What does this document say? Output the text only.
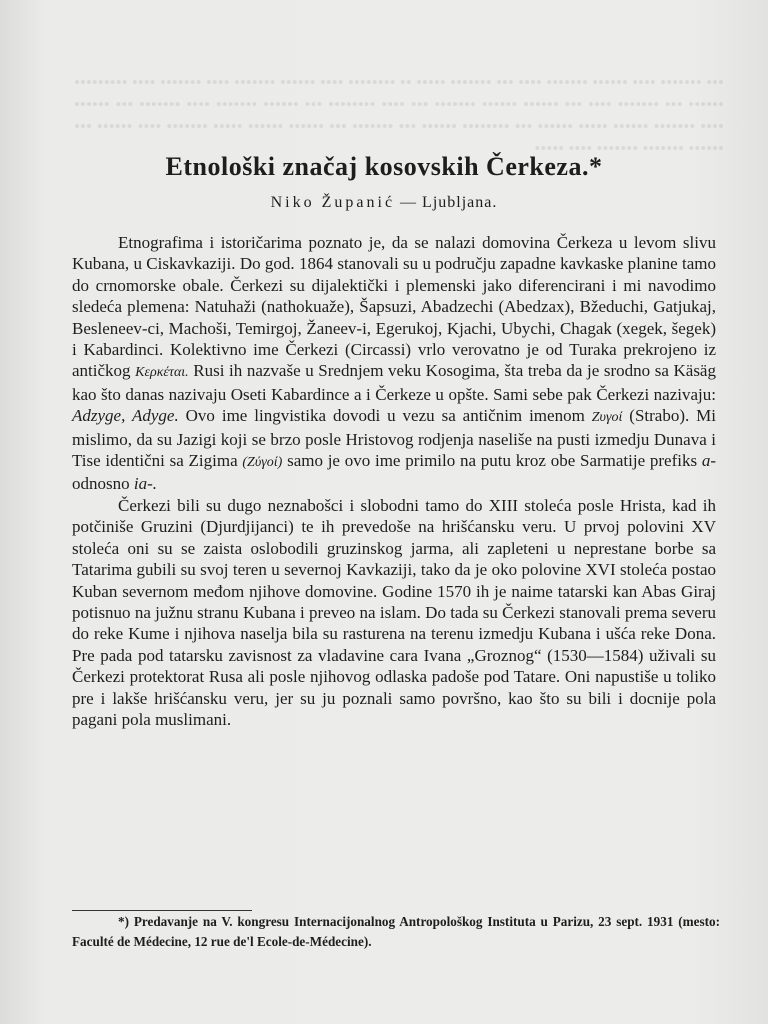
••• ••••••• •••• •••••• ••••••• •••• ••• ••••••• ••••• •• •••••••• •••• •••••• ••••••• •••• ••••••• •••• ••••••••• •••••• ••• ••••••• •••• ••• •••••• •••••• ••••••• ••• •••• •••••••• ••• •••••• ••••••• •••• ••••••• ••• •••••• •••• ••••••• •••••• ••••• •••••• ••• •••••••• •••••• ••• ••••••• ••• •••••• •••••• ••••• ••••••• •••• •••••• ••• •••••• ••••••• ••••••• •••• •••••
Etnološki značaj kosovskih Čerkeza.*

Niko Županić — Ljubljana.

Etnografima i istoričarima poznato je, da se nalazi domovina Čerkeza u levom slivu Kubana, u Ciskavkaziji. Do god. 1864 stanovali su u području zapadne kavkaske planine tamo do crnomorske obale. Čerkezi su dijalektički i plemenski jako diferencirani i mi navodimo sledeća plemena: Natuhaži (nathokuaže), Šapsuzi, Abadzechi (Abedzax), Bžeduchi, Gatjukaj, Besleneev-ci, Machoši, Temirgoj, Žaneev-i, Egerukoj, Kjachi, Ubychi, Chagak (xegek, šegek) i Kabardinci. Kolektivno ime Čerkezi (Circassi) vrlo verovatno je od Turaka prekrojeno iz antičkog Κερκέται. Rusi ih nazvaše u Srednjem veku Kosogima, šta treba da je srodno sa Käsäg kao što danas nazivaju Oseti Kabardince a i Čerkeze u opšte. Sami sebe pak Čerkezi nazivaju: Adzyge, Adyge. Ovo ime lingvistika dovodi u vezu sa antičnim imenom Ζυγοί (Strabo). Mi mislimo, da su Jazigi koji se brzo posle Hristovog rodjenja naseliše na pusti izmedju Dunava i Tise identični sa Zigima (Ζύγοί) samo je ovo ime primilo na putu kroz obe Sarmatije prefiks a- odnosno ia-.

Čerkezi bili su dugo neznabošci i slobodni tamo do XIII stoleća posle Hrista, kad ih potčiniše Gruzini (Djurdjijanci) te ih prevedoše na hrišćansku veru. U prvoj polovini XV stoleća oni su se zaista oslobodili gruzinskog jarma, ali zapleteni u neprestane borbe sa Tatarima gubili su svoj teren u severnoj Kavkaziji, tako da je oko polovine XVI stoleća postao Kuban severnom međom njihove domovine. Godine 1570 ih je naime tatarski kan Abas Giraj potisnuo na južnu stranu Kubana i preveo na islam. Do tada su Čerkezi stanovali prema severu do reke Kume i njihova naselja bila su rasturena na terenu izmedju Kubana i ušća reke Dona. Pre pada pod tatarsku zavisnost za vladavine cara Ivana „Groznog“ (1530—1584) uživali su Čerkezi protektorat Rusa ali posle njihovog odlaska padoše pod Tatare. Oni napustiše u toliko pre i lakše hrišćansku veru, jer su ju poznali samo površno, kao što su bili i docnije pola pagani pola muslimani.

*) Predavanje na V. kongresu Internacijonalnog Antropološkog Instituta u Parizu, 23 sept. 1931 (mesto: Faculté de Médecine, 12 rue de'l Ecole-de-Médecine).
